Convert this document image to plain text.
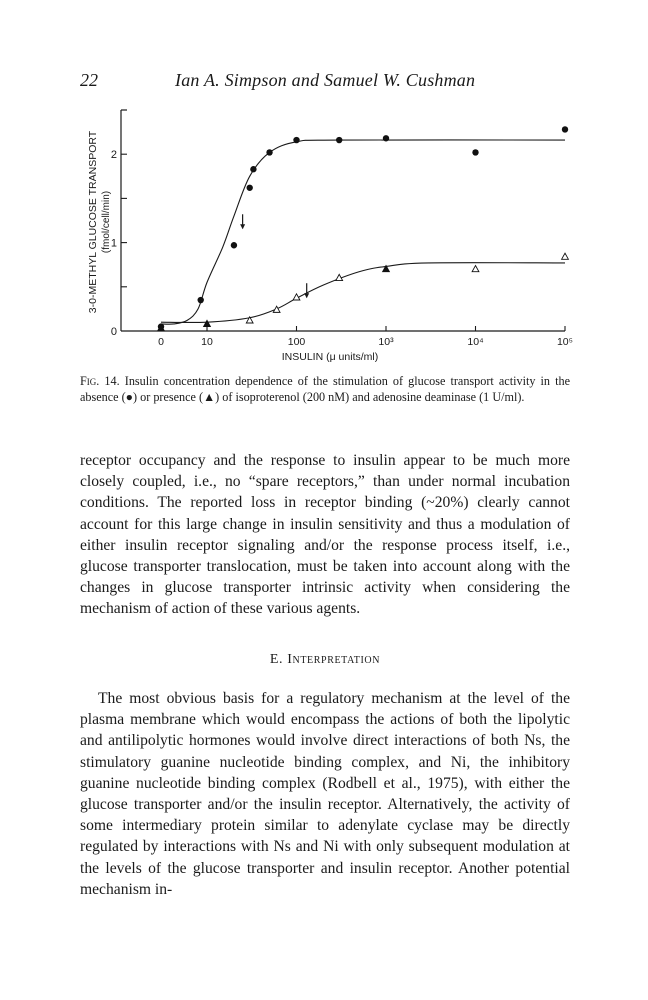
22	Ian A. Simpson and Samuel W. Cushman
0
1
2
0	10	100	10³	10⁴	10⁵
INSULIN (μ units/ml)
3-0-METHYL GLUCOSE TRANSPORT (fmol/cell/min)
Fig. 14. Insulin concentration dependence of the stimulation of glucose transport activity in the absence (●) or presence (▲) of isoproterenol (200 nM) and adenosine deaminase (1 U/ml).

receptor occupancy and the response to insulin appear to be much more closely coupled, i.e., no “spare receptors,” than under normal incubation conditions. The reported loss in receptor binding (~20%) clearly cannot account for this large change in insulin sensitivity and thus a modulation of either insulin receptor signaling and/or the response process itself, i.e., glucose transporter translocation, must be taken into account along with the changes in glucose transporter intrinsic activity when considering the mechanism of action of these various agents.

E. Interpretation

The most obvious basis for a regulatory mechanism at the level of the plasma membrane which would encompass the actions of both the lipolytic and antilipolytic hormones would involve direct interactions of both Ns, the stimulatory guanine nucleotide binding complex, and Ni, the inhibitory guanine nucleotide binding complex (Rodbell et al., 1975), with either the glucose transporter and/or the insulin receptor. Alternatively, the activity of some intermediary protein similar to adenylate cyclase may be directly regulated by interactions with Ns and Ni with only subsequent modulation at the levels of the glucose transporter and insulin receptor. Another potential mechanism in-
